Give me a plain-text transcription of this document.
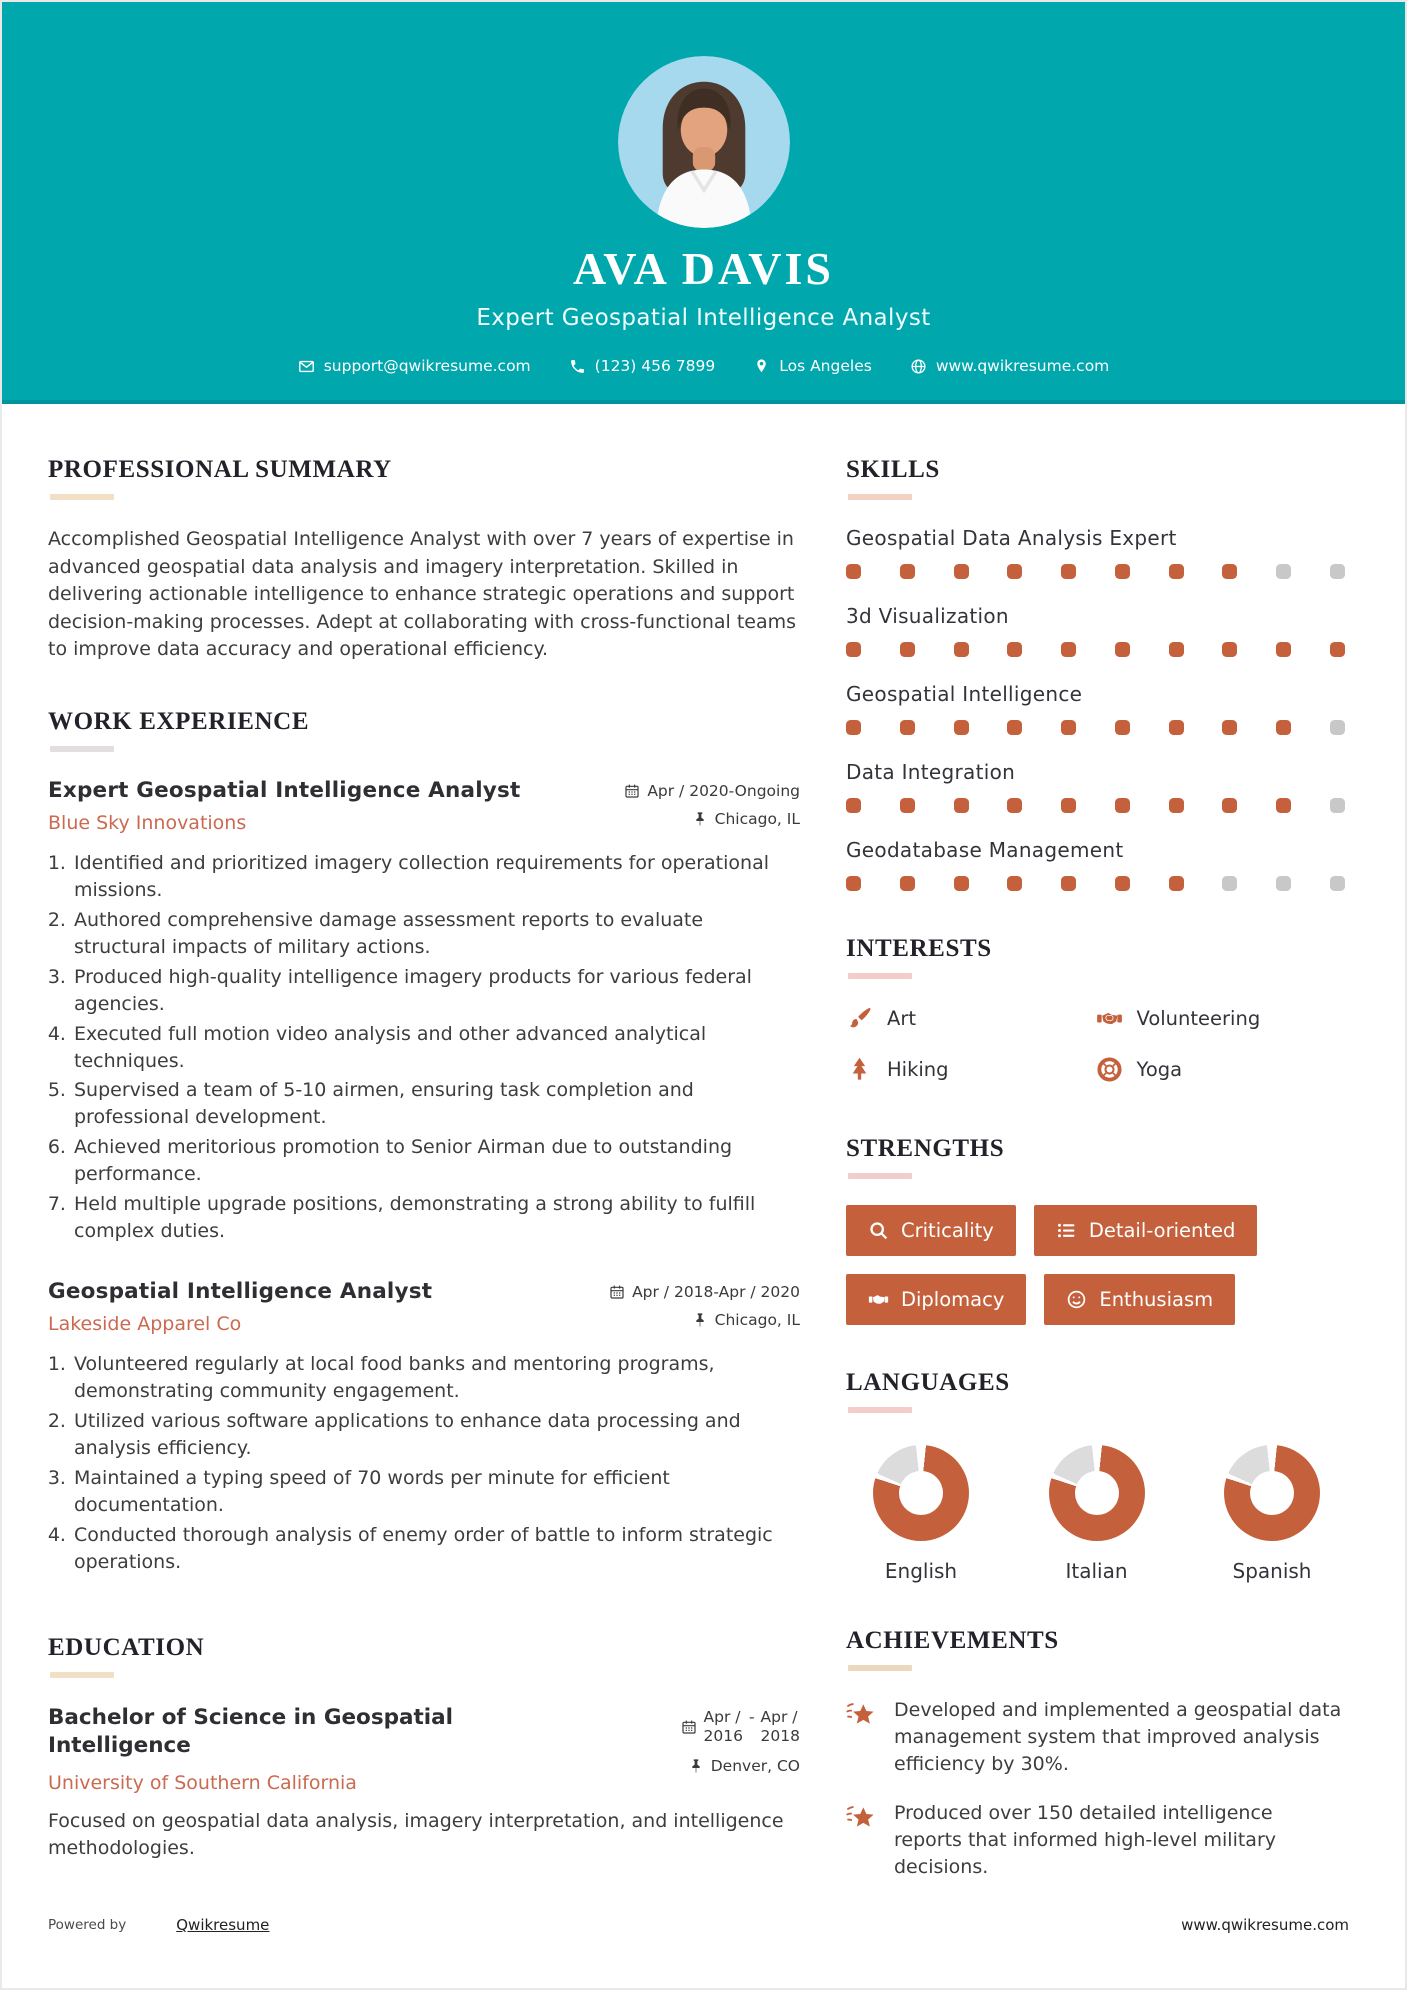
AVA DAVIS
Expert Geospatial Intelligence Analyst
support@qwikresume.com	(123) 456 7899	Los Angeles	www.qwikresume.com
PROFESSIONAL SUMMARY

Accomplished Geospatial Intelligence Analyst with over 7 years of expertise in advanced geospatial data analysis and imagery interpretation. Skilled in delivering actionable intelligence to enhance strategic operations and support decision-making processes. Adept at collaborating with cross-functional teams to improve data accuracy and operational efficiency.

WORK EXPERIENCE
Expert Geospatial Intelligence Analyst
Blue Sky Innovations
Apr / 2020-Ongoing
Chicago, IL
1. Identified and prioritized imagery collection requirements for operational missions.
2. Authored comprehensive damage assessment reports to evaluate structural impacts of military actions.
3. Produced high-quality intelligence imagery products for various federal agencies.
4. Executed full motion video analysis and other advanced analytical techniques.
5. Supervised a team of 5-10 airmen, ensuring task completion and professional development.
6. Achieved meritorious promotion to Senior Airman due to outstanding performance.
7. Held multiple upgrade positions, demonstrating a strong ability to fulfill complex duties.
Geospatial Intelligence Analyst
Lakeside Apparel Co
Apr / 2018-Apr / 2020
Chicago, IL
1. Volunteered regularly at local food banks and mentoring programs, demonstrating community engagement.
2. Utilized various software applications to enhance data processing and analysis efficiency.
3. Maintained a typing speed of 70 words per minute for efficient documentation.
4. Conducted thorough analysis of enemy order of battle to inform strategic operations.
EDUCATION
Bachelor of Science in Geospatial Intelligence
University of Southern California
Apr /
2016
- Apr /
2018
Denver, CO

Focused on geospatial data analysis, imagery interpretation, and intelligence methodologies.

SKILLS
Geospatial Data Analysis Expert
3d Visualization
Geospatial Intelligence
Data Integration
Geodatabase Management
INTERESTS
Art	Volunteering
Hiking	Yoga
STRENGTHS
Criticality	Detail-oriented
Diplomacy	Enthusiasm
LANGUAGES
English	Italian	Spanish
ACHIEVEMENTS

Developed and implemented a geospatial data management system that improved analysis efficiency by 30%.

Produced over 150 detailed intelligence reports that informed high-level military decisions.

Powered by	Qwikresume	www.qwikresume.com
